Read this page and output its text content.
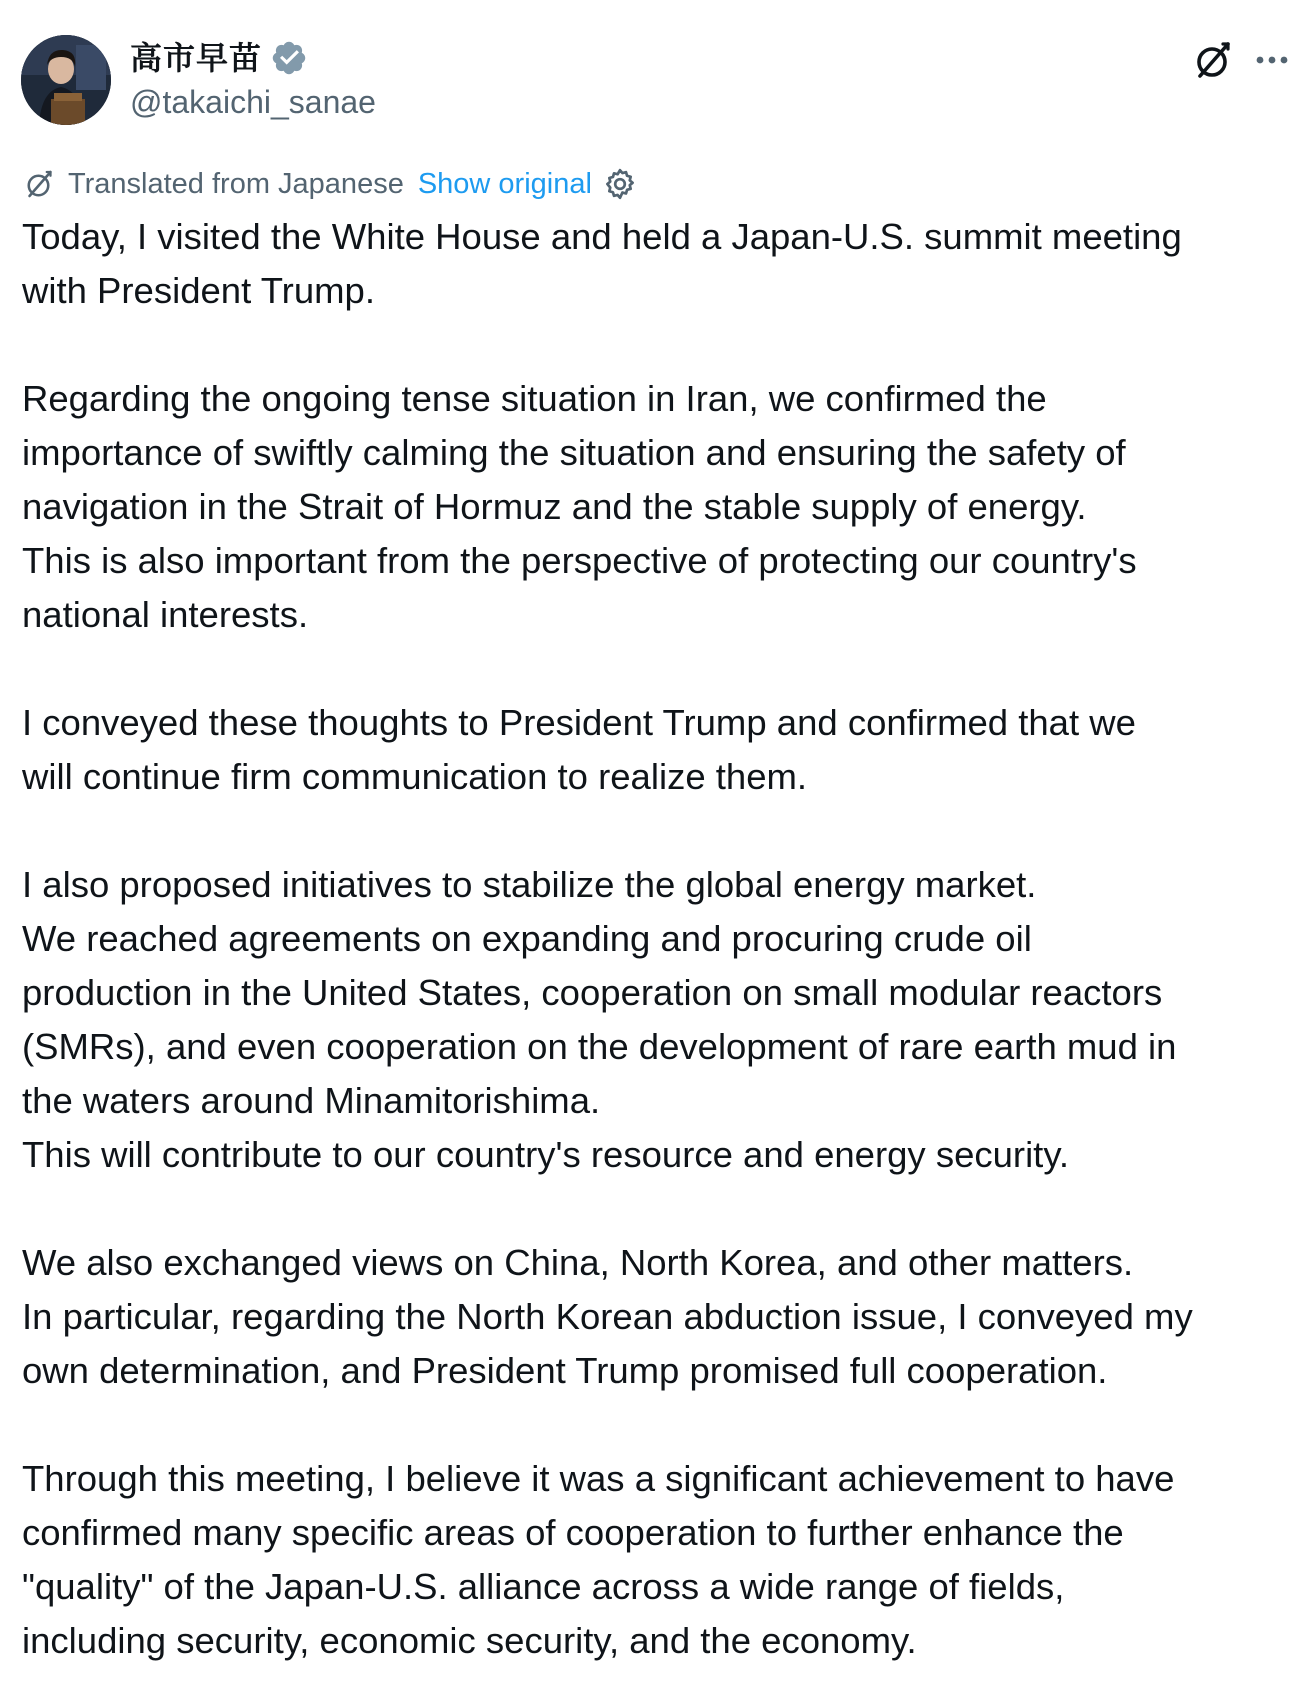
高市早苗
@takaichi_sanae
Translated from Japanese Show original
Today, I visited the White House and held a Japan-U.S. summit meeting
with President Trump.
Regarding the ongoing tense situation in Iran, we confirmed the
importance of swiftly calming the situation and ensuring the safety of
navigation in the Strait of Hormuz and the stable supply of energy.
This is also important from the perspective of protecting our country's
national interests.
I conveyed these thoughts to President Trump and confirmed that we
will continue firm communication to realize them.
I also proposed initiatives to stabilize the global energy market.
We reached agreements on expanding and procuring crude oil
production in the United States, cooperation on small modular reactors
(SMRs), and even cooperation on the development of rare earth mud in
the waters around Minamitorishima.
This will contribute to our country's resource and energy security.
We also exchanged views on China, North Korea, and other matters.
In particular, regarding the North Korean abduction issue, I conveyed my
own determination, and President Trump promised full cooperation.
Through this meeting, I believe it was a significant achievement to have
confirmed many specific areas of cooperation to further enhance the
"quality" of the Japan-U.S. alliance across a wide range of fields,
including security, economic security, and the economy.
